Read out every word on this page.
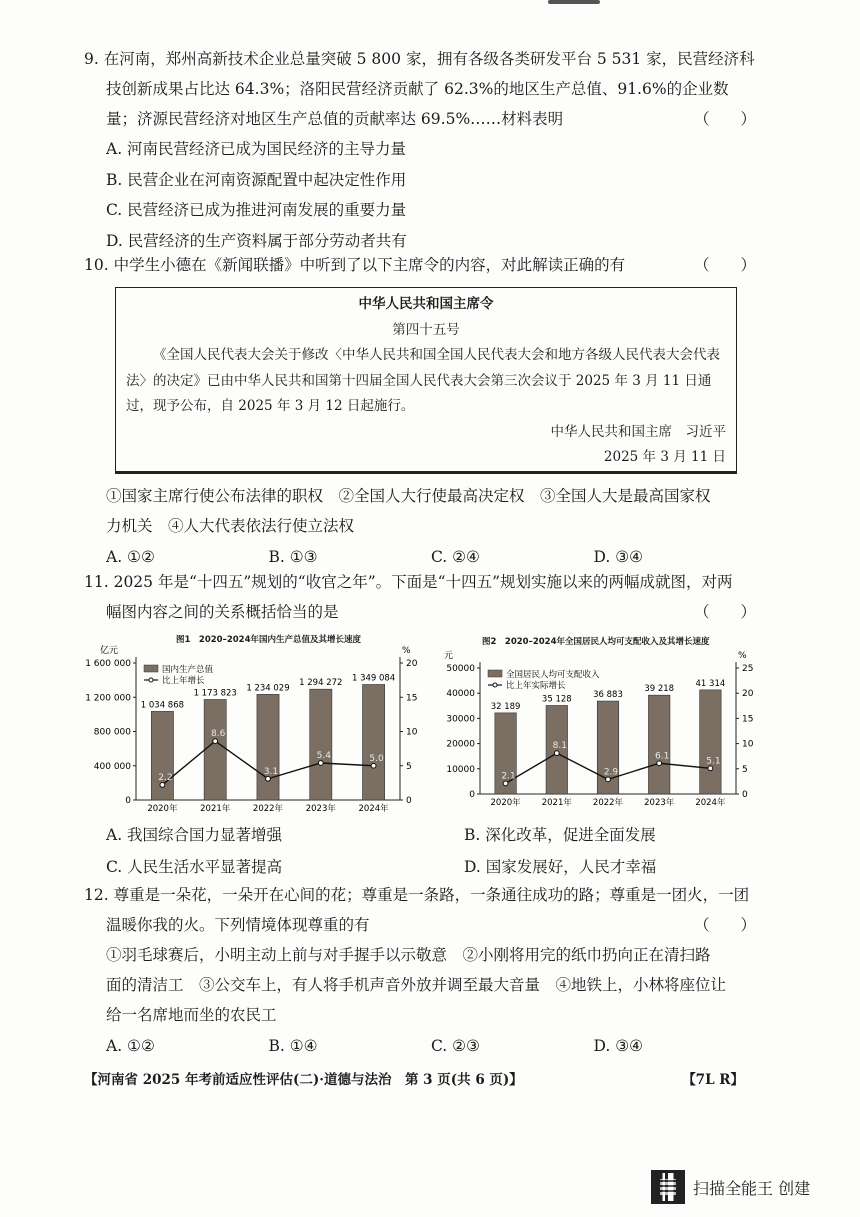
9. 在河南，郑州高新技术企业总量突破 5 800 家，拥有各级各类研发平台 5 531 家，民营经济科
技创新成果占比达 64.3%；洛阳民营经济贡献了 62.3%的地区生产总值、91.6%的企业数
量；济源民营经济对地区生产总值的贡献率达 69.5%……材料表明	（　　）
A. 河南民营经济已成为国民经济的主导力量
B. 民营企业在河南资源配置中起决定性作用
C. 民营经济已成为推进河南发展的重要力量
D. 民营经济的生产资料属于部分劳动者共有
10. 中学生小德在《新闻联播》中听到了以下主席令的内容，对此解读正确的有	（　　）
中华人民共和国主席令
第四十五号
《全国人民代表大会关于修改〈中华人民共和国全国人民代表大会和地方各级人民代表大会代表法〉的决定》已由中华人民共和国第十四届全国人民代表大会第三次会议于 2025 年 3 月 11 日通过，现予公布，自 2025 年 3 月 12 日起施行。
中华人民共和国主席　习近平
2025 年 3 月 11 日
①国家主席行使公布法律的职权　②全国人大行使最高决定权　③全国人大是最高国家权
力机关　④人大代表依法行使立法权
A. ①②	B. ①③	C. ②④	D. ③④
11. 2025 年是“十四五”规划的“收官之年”。下面是“十四五”规划实施以来的两幅成就图，对两
幅图内容之间的关系概括恰当的是	（　　）
图1　2020–2024年国内生产总值及其增长速度
亿元	%
0
400 000
800 000
1 200 000
1 600 000
0
5
10
15
20
1 034 868
2020年
1 173 823
2021年
1 234 029
2022年
1 294 272
2023年
1 349 084
2024年
2.2
8.6
3.1
5.4	5.0
国内生产总值
比上年增长
图2　2020–2024年全国居民人均可支配收入及其增长速度
元	%
0
10000
20000
30000
40000
50000
0
5
10
15
20
25
32 189
2020年
35 128
2021年
36 883
2022年
39 218
2023年
41 314
2024年
2.1
8.1
2.9
6.1
5.1
全国居民人均可支配收入
比上年实际增长
A. 我国综合国力显著增强	B. 深化改革，促进全面发展
C. 人民生活水平显著提高	D. 国家发展好，人民才幸福
12. 尊重是一朵花，一朵开在心间的花；尊重是一条路，一条通往成功的路；尊重是一团火，一团
温暖你我的火。下列情境体现尊重的有	（　　）
①羽毛球赛后，小明主动上前与对手握手以示敬意　②小刚将用完的纸巾扔向正在清扫路
面的清洁工　③公交车上，有人将手机声音外放并调至最大音量　④地铁上，小林将座位让
给一名席地而坐的农民工
A. ①②	B. ①④	C. ②③	D. ③④
【河南省 2025 年考前适应性评估(二)·道德与法治　第 3 页(共 6 页)】	【7L R】
扫描全能王 创建
